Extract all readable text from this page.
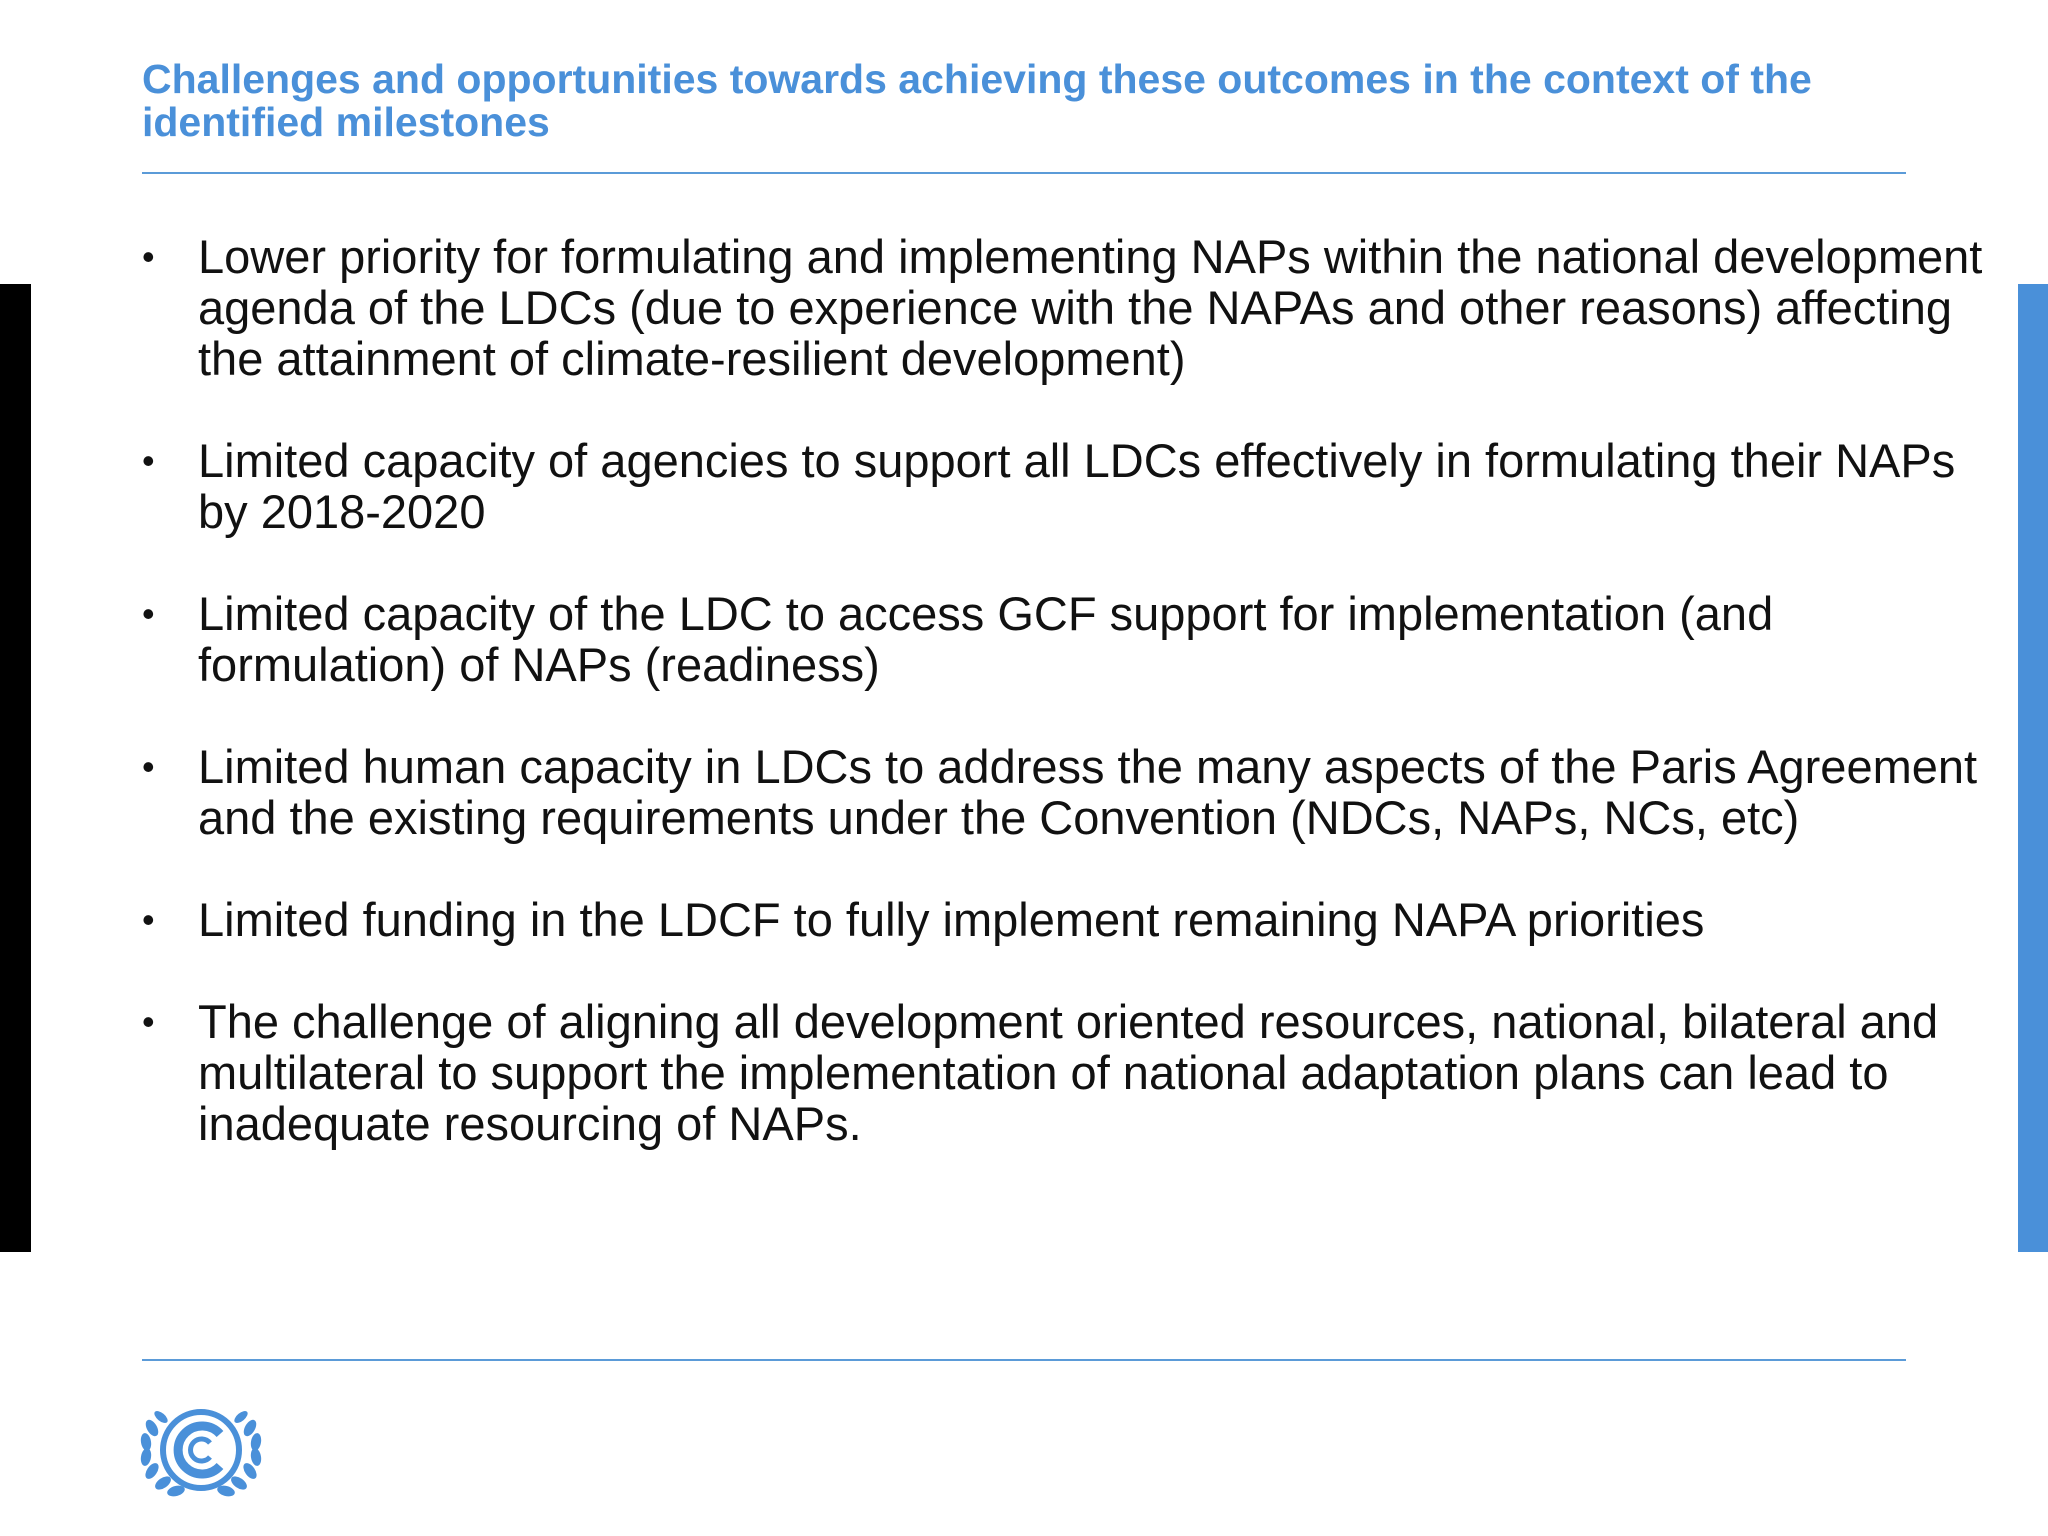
Challenges and opportunities towards achieving these outcomes in the context of the identified milestones
• Lower priority for formulating and implementing NAPs within the national development agenda of the LDCs (due to experience with the NAPAs and other reasons) affecting the attainment of climate-resilient development)
• Limited capacity of agencies to support all LDCs effectively in formulating their NAPs by 2018-2020
• Limited capacity of the LDC to access GCF support for implementation (and formulation) of NAPs (readiness)
• Limited human capacity in LDCs to address the many aspects of the Paris Agreement and the existing requirements under the Convention (NDCs, NAPs, NCs, etc)
• Limited funding in the LDCF to fully implement remaining NAPA priorities
• The challenge of aligning all development oriented resources, national, bilateral and multilateral to support the implementation of national adaptation plans can lead to inadequate resourcing of NAPs.
